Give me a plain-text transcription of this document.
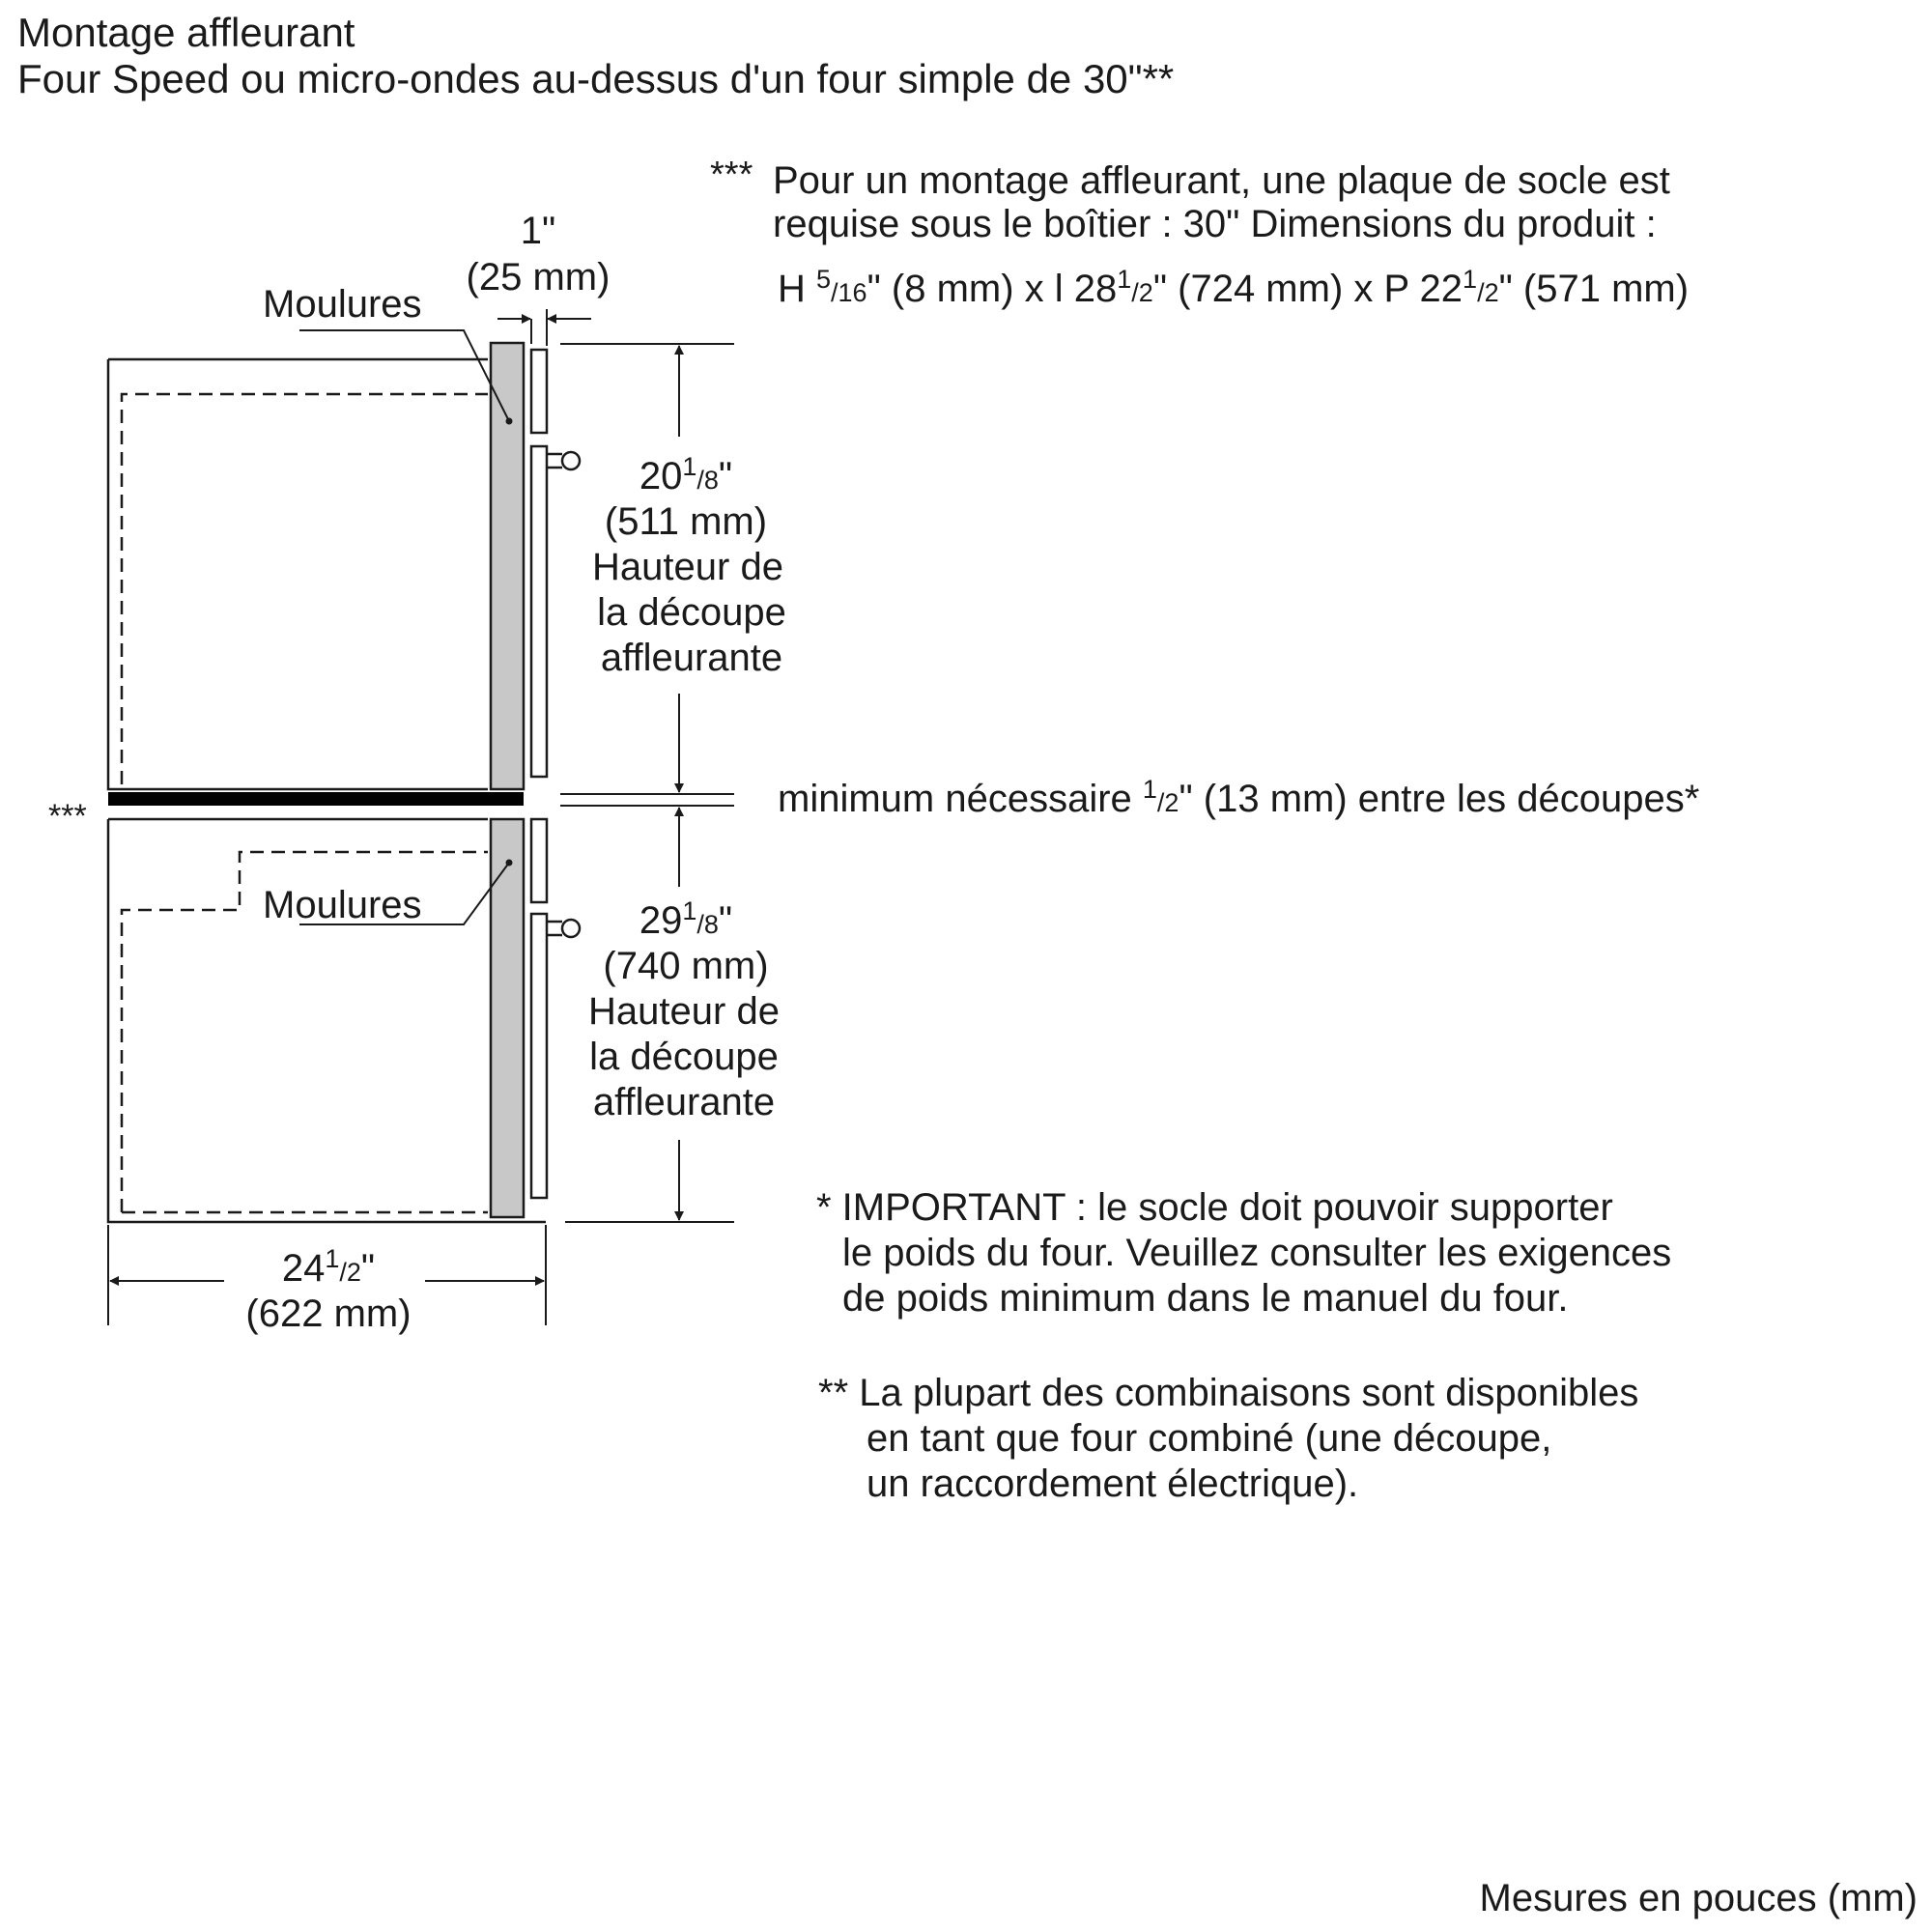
Montage affleurant
Four Speed ou micro-ondes au-dessus d'un four simple de 30"**
*** Pour un montage affleurant, une plaque de socle est
requise sous le boîtier : 30" Dimensions du produit :
H $^5_{/16}$" (8 mm) x l $28^1_{/2}$" (724 mm) x P $22^1_{/2}$" (571 mm)
Moulures
Moulures
***
1"
(25 mm)
$20^1_{/8}$"
(511 mm)
Hauteur de
la découpe
affleurante
minimum nécessaire $^1_{/2}$" (13 mm) entre les découpes*
$29^1_{/8}$"
(740 mm)
Hauteur de
la découpe
affleurante
$24^1_{/2}$"
(622 mm)
* IMPORTANT : le socle doit pouvoir supporter
le poids du four. Veuillez consulter les exigences
de poids minimum dans le manuel du four.
** La plupart des combinaisons sont disponibles
en tant que four combiné (une découpe,
un raccordement électrique).
Mesures en pouces (mm)
